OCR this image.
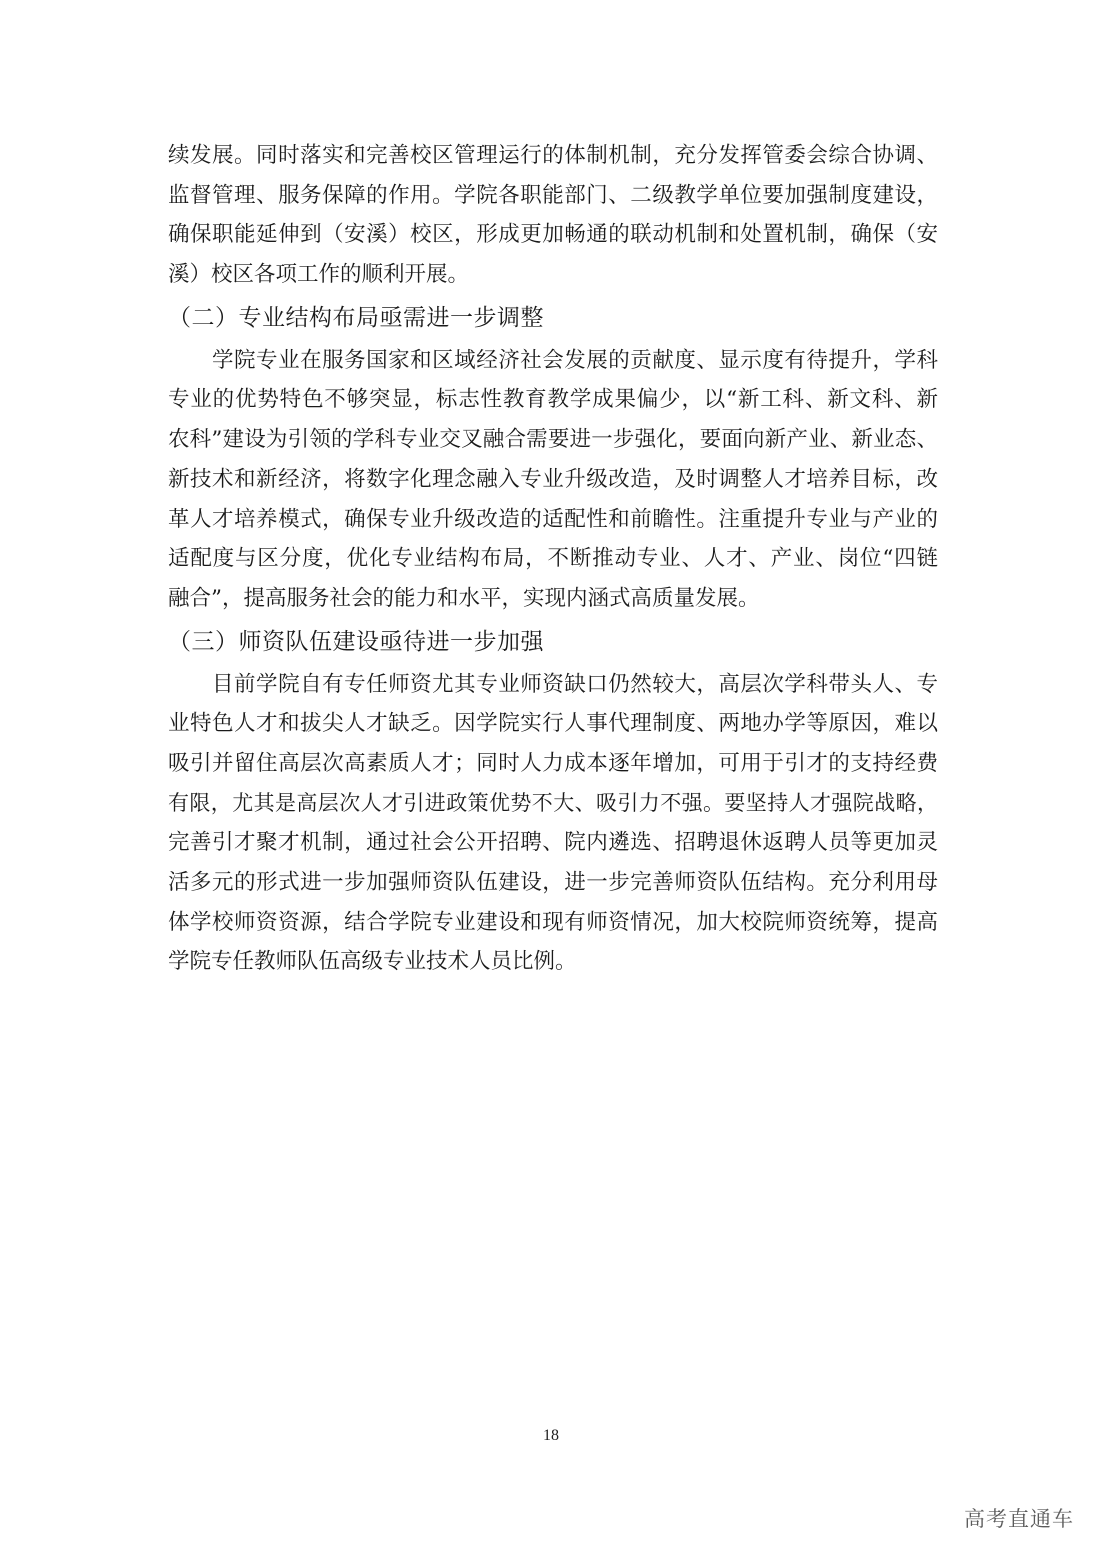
续发展。同时落实和完善校区管理运行的体制机制，充分发挥管委会综合协调、
监督管理、服务保障的作用。学院各职能部门、二级教学单位要加强制度建设，
确保职能延伸到（安溪）校区，形成更加畅通的联动机制和处置机制，确保（安
溪）校区各项工作的顺利开展。
（二）专业结构布局亟需进一步调整
　　学院专业在服务国家和区域经济社会发展的贡献度、显示度有待提升，学科
专业的优势特色不够突显，标志性教育教学成果偏少，以“新工科、新文科、新
农科”建设为引领的学科专业交叉融合需要进一步强化，要面向新产业、新业态、
新技术和新经济，将数字化理念融入专业升级改造，及时调整人才培养目标，改
革人才培养模式，确保专业升级改造的适配性和前瞻性。注重提升专业与产业的
适配度与区分度，优化专业结构布局，不断推动专业、人才、产业、岗位“四链
融合”，提高服务社会的能力和水平，实现内涵式高质量发展。
（三）师资队伍建设亟待进一步加强
　　目前学院自有专任师资尤其专业师资缺口仍然较大，高层次学科带头人、专
业特色人才和拔尖人才缺乏。因学院实行人事代理制度、两地办学等原因，难以
吸引并留住高层次高素质人才；同时人力成本逐年增加，可用于引才的支持经费
有限，尤其是高层次人才引进政策优势不大、吸引力不强。要坚持人才强院战略，
完善引才聚才机制，通过社会公开招聘、院内遴选、招聘退休返聘人员等更加灵
活多元的形式进一步加强师资队伍建设，进一步完善师资队伍结构。充分利用母
体学校师资资源，结合学院专业建设和现有师资情况，加大校院师资统筹，提高
学院专任教师队伍高级专业技术人员比例。
18
高考直通车
